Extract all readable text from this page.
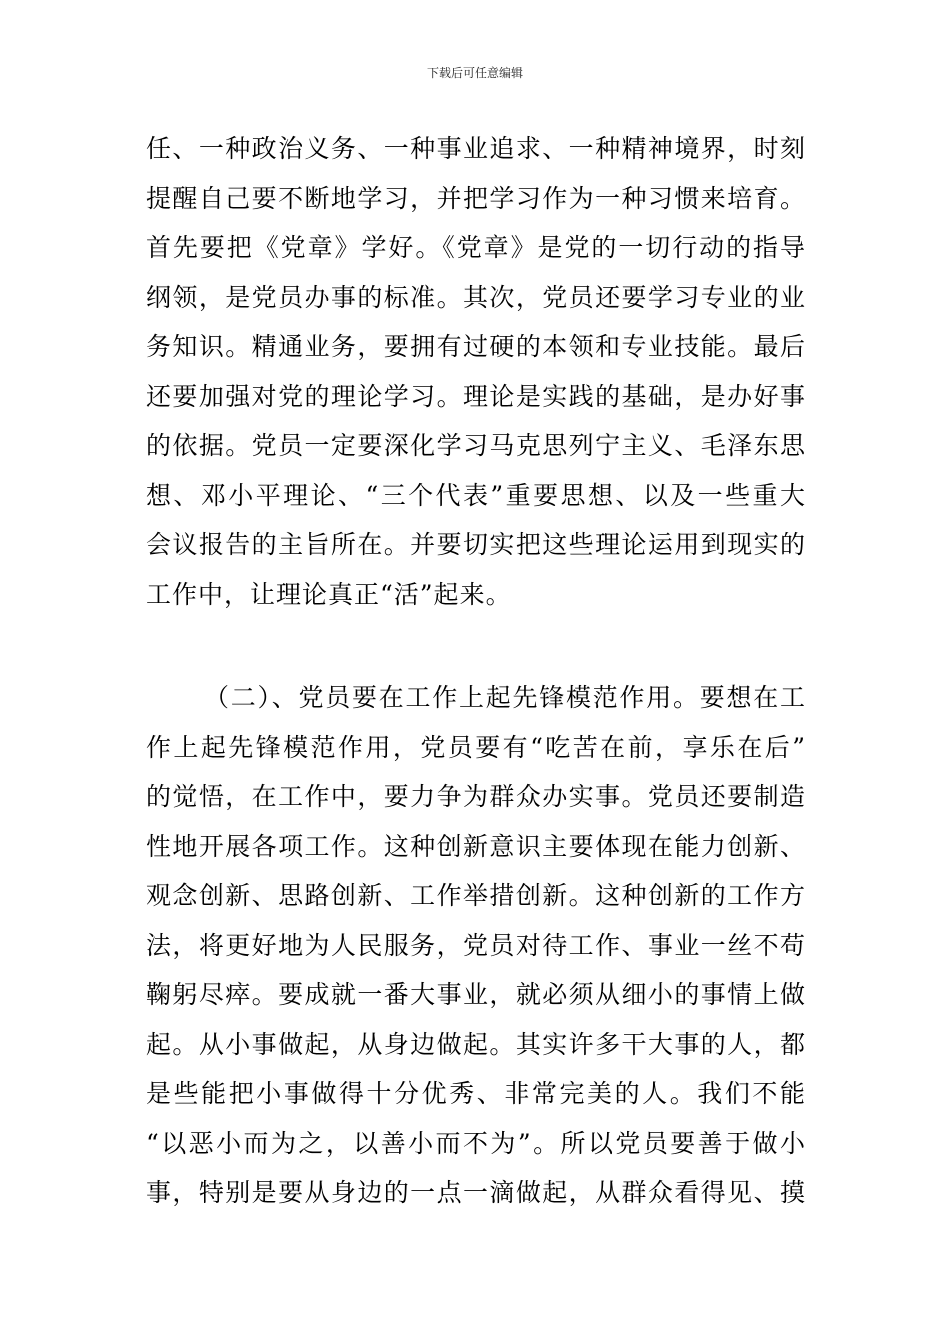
下载后可任意编辑
任、一种政治义务、一种事业追求、一种精神境界，时刻
提醒自己要不断地学习，并把学习作为一种习惯来培育。
首先要把《党章》学好。《党章》是党的一切行动的指导
纲领，是党员办事的标准。其次，党员还要学习专业的业
务知识。精通业务，要拥有过硬的本领和专业技能。最后
还要加强对党的理论学习。理论是实践的基础，是办好事
的依据。党员一定要深化学习马克思列宁主义、毛泽东思
想、邓小平理论、“三个代表”重要思想、以及一些重大
会议报告的主旨所在。并要切实把这些理论运用到现实的
工作中，让理论真正“活”起来。
（二）、党员要在工作上起先锋模范作用。要想在工
作上起先锋模范作用，党员要有“吃苦在前，享乐在后”
的觉悟，在工作中，要力争为群众办实事。党员还要制造
性地开展各项工作。这种创新意识主要体现在能力创新、
观念创新、思路创新、工作举措创新。这种创新的工作方
法，将更好地为人民服务，党员对待工作、事业一丝不苟
鞠躬尽瘁。要成就一番大事业，就必须从细小的事情上做
起。从小事做起，从身边做起。其实许多干大事的人，都
是些能把小事做得十分优秀、非常完美的人。我们不能
“以恶小而为之，以善小而不为”。所以党员要善于做小
事，特别是要从身边的一点一滴做起，从群众看得见、摸
